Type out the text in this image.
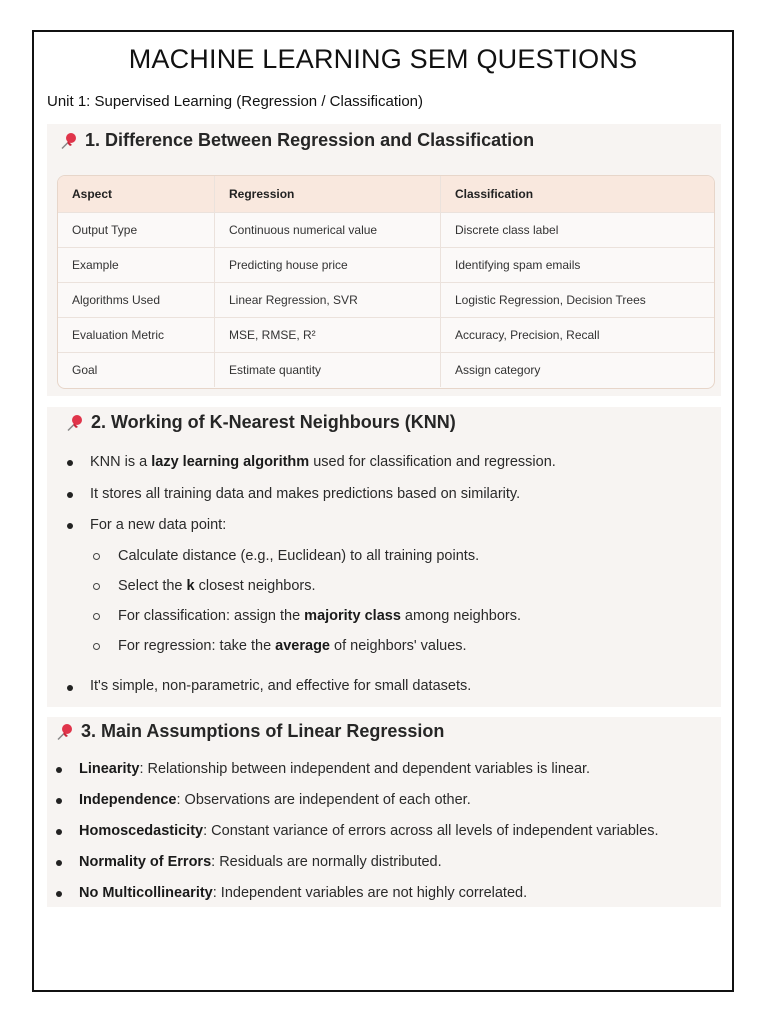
MACHINE LEARNING SEM QUESTIONS
Unit 1: Supervised Learning (Regression / Classification)
1. Difference Between Regression and Classification
Aspect	Regression	Classification
Output Type	Continuous numerical value	Discrete class label
Example	Predicting house price	Identifying spam emails
Algorithms Used	Linear Regression, SVR	Logistic Regression, Decision Trees
Evaluation Metric	MSE, RMSE, R²	Accuracy, Precision, Recall
Goal	Estimate quantity	Assign category
2. Working of K-Nearest Neighbours (KNN)
KNN is a lazy learning algorithm used for classification and regression.
It stores all training data and makes predictions based on similarity.
For a new data point:
Calculate distance (e.g., Euclidean) to all training points.
Select the k closest neighbors.
For classification: assign the majority class among neighbors.
For regression: take the average of neighbors' values.
It's simple, non-parametric, and effective for small datasets.
3. Main Assumptions of Linear Regression
Linearity: Relationship between independent and dependent variables is linear.
Independence: Observations are independent of each other.
Homoscedasticity: Constant variance of errors across all levels of independent variables.
Normality of Errors: Residuals are normally distributed.
No Multicollinearity: Independent variables are not highly correlated.
